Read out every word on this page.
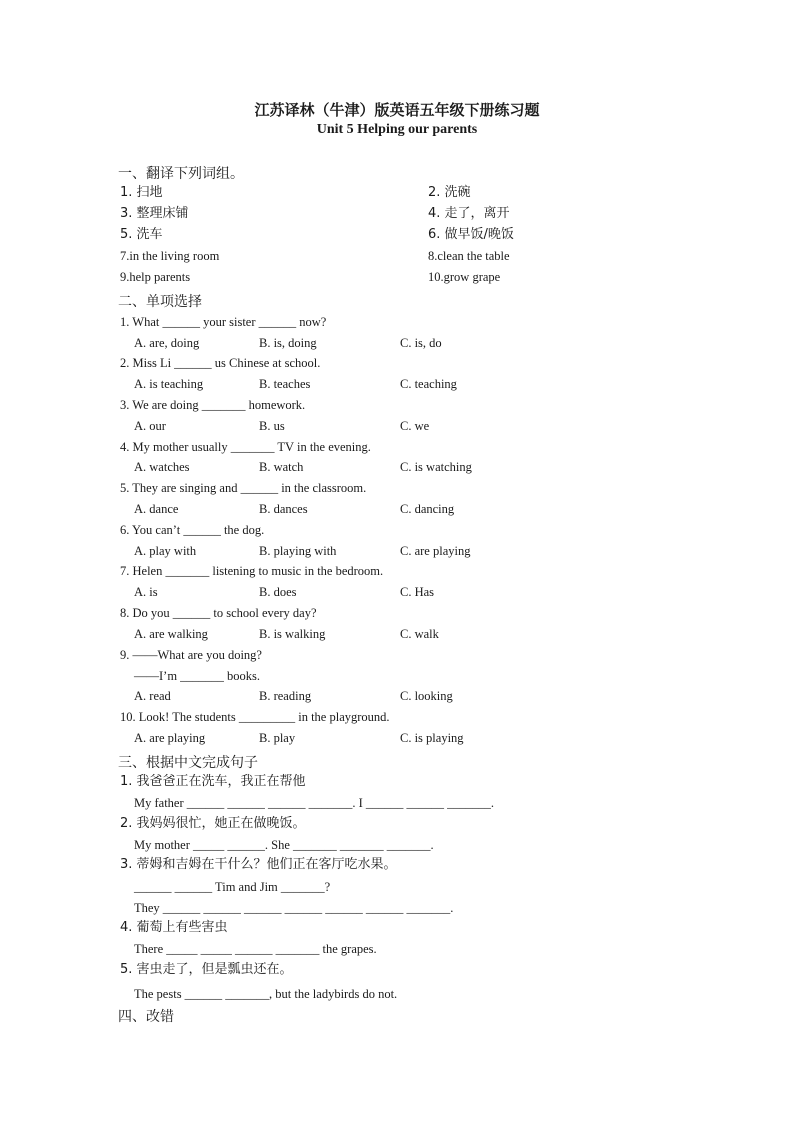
江苏译林（牛津）版英语五年级下册练习题
Unit 5 Helping our parents
一、翻译下列词组。
1. 扫地	2. 洗碗
3. 整理床铺	4. 走了，离开
5. 洗车	6. 做早饭/晚饭
7.in the living room	8.clean the table
9.help parents	10.grow grape
二、单项选择
1. What ______ your sister ______ now?
A. are, doing	B. is, doing	C. is, do
2. Miss Li ______ us Chinese at school.
A. is teaching	B. teaches	C. teaching
3. We are doing _______ homework.
A. our	B. us	C. we
4. My mother usually _______ TV in the evening.
A. watches	B. watch	C. is watching
5. They are singing and ______ in the classroom.
A. dance	B. dances	C. dancing
6. You can’t ______ the dog.
A. play with	B. playing with	C. are playing
7. Helen _______ listening to music in the bedroom.
A. is	B. does	C. Has
8. Do you ______ to school every day?
A. are walking	B. is walking	C. walk
9. ——What are you doing?
——I’m _______ books.
A. read	B. reading	C. looking
10. Look! The students _________ in the playground.
A. are playing	B. play	C. is playing
三、根据中文完成句子
1. 我爸爸正在洗车，我正在帮他
My father ______ ______ ______ _______. I ______ ______ _______.
2. 我妈妈很忙，她正在做晚饭。
My mother _____ ______. She _______ _______ _______.
3. 蒂姆和吉姆在干什么？他们正在客厅吃水果。
______ ______ Tim and Jim _______?
They ______ ______ ______ ______ ______ ______ _______.
4. 葡萄上有些害虫
There _____ _____ ______ _______ the grapes.
5. 害虫走了，但是瓢虫还在。
The pests ______ _______, but the ladybirds do not.
四、改错
